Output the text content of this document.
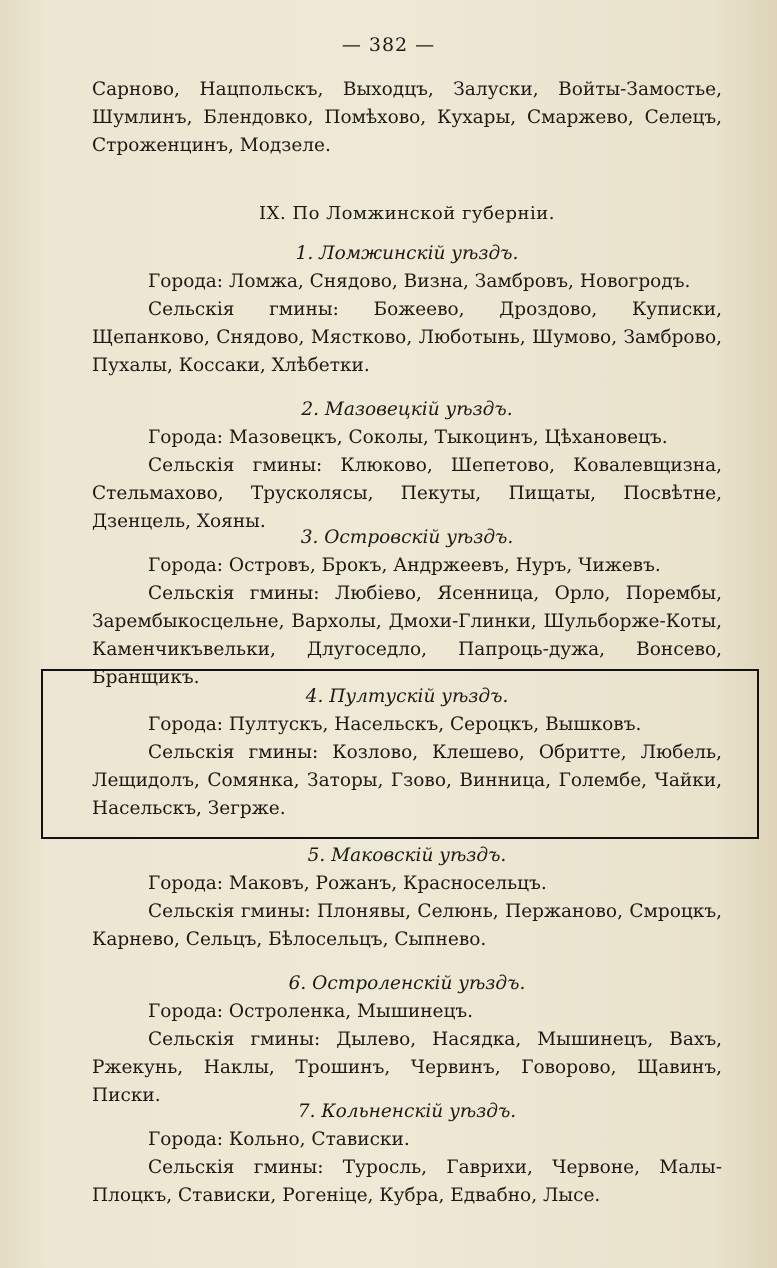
— 382 —

Сарново, Нацпольскъ, Выходцъ, Залуски, Войты-Замостье, Шумлинъ, Блендовко, Помѣхово, Кухары, Смаржево, Селецъ, Строженцинъ, Модзеле.

IX. По Ломжинской губерніи.

1. Ломжинскій уѣздъ.

Города: Ломжа, Снядово, Визна, Замбровъ, Новогродъ.

Сельскія гмины: Божеево, Дроздово, Куписки, Щепанково, Снядово, Мястково, Люботынь, Шумово, Замброво, Пухалы, Коссаки, Хлѣбетки.

2. Мазовецкій уѣздъ.

Города: Мазовецкъ, Соколы, Тыкоцинъ, Цѣхановецъ.

Сельскія гмины: Клюково, Шепетово, Ковалевщизна, Стельмахово, Трусколясы, Пекуты, Пищаты, Посвѣтне, Дзенцель, Хояны.

3. Островскій уѣздъ.

Города: Островъ, Брокъ, Андржеевъ, Нуръ, Чижевъ.

Сельскія гмины: Любіево, Ясенница, Орло, Порембы, Зарембыкосцельне, Вархолы, Дмохи-Глинки, Шульборже-Коты, Каменчикъвельки, Длугоседло, Папроць-дужа, Вонсево, Бранщикъ.

4. Пултускій уѣздъ.

Города: Пултускъ, Насельскъ, Сероцкъ, Вышковъ.

Сельскія гмины: Козлово, Клешево, Обритте, Любель, Лещидолъ, Сомянка, Заторы, Гзово, Винница, Голембе, Чайки, Насельскъ, Зегрже.

5. Маковскій уѣздъ.

Города: Маковъ, Рожанъ, Красносельцъ.

Сельскія гмины: Плонявы, Селюнь, Пержаново, Смроцкъ, Карнево, Сельцъ, Бѣлосельцъ, Сыпнево.

6. Остроленскій уѣздъ.

Города: Остроленка, Мышинецъ.

Сельскія гмины: Дылево, Насядка, Мышинецъ, Вахъ, Ржекунь, Наклы, Трошинъ, Червинъ, Говорово, Щавинъ, Писки.

7. Кольненскій уѣздъ.

Города: Кольно, Стависки.

Сельскія гмины: Туросль, Гаврихи, Червоне, Малы-Плоцкъ, Стависки, Рогеніце, Кубра, Едвабно, Лысе.
